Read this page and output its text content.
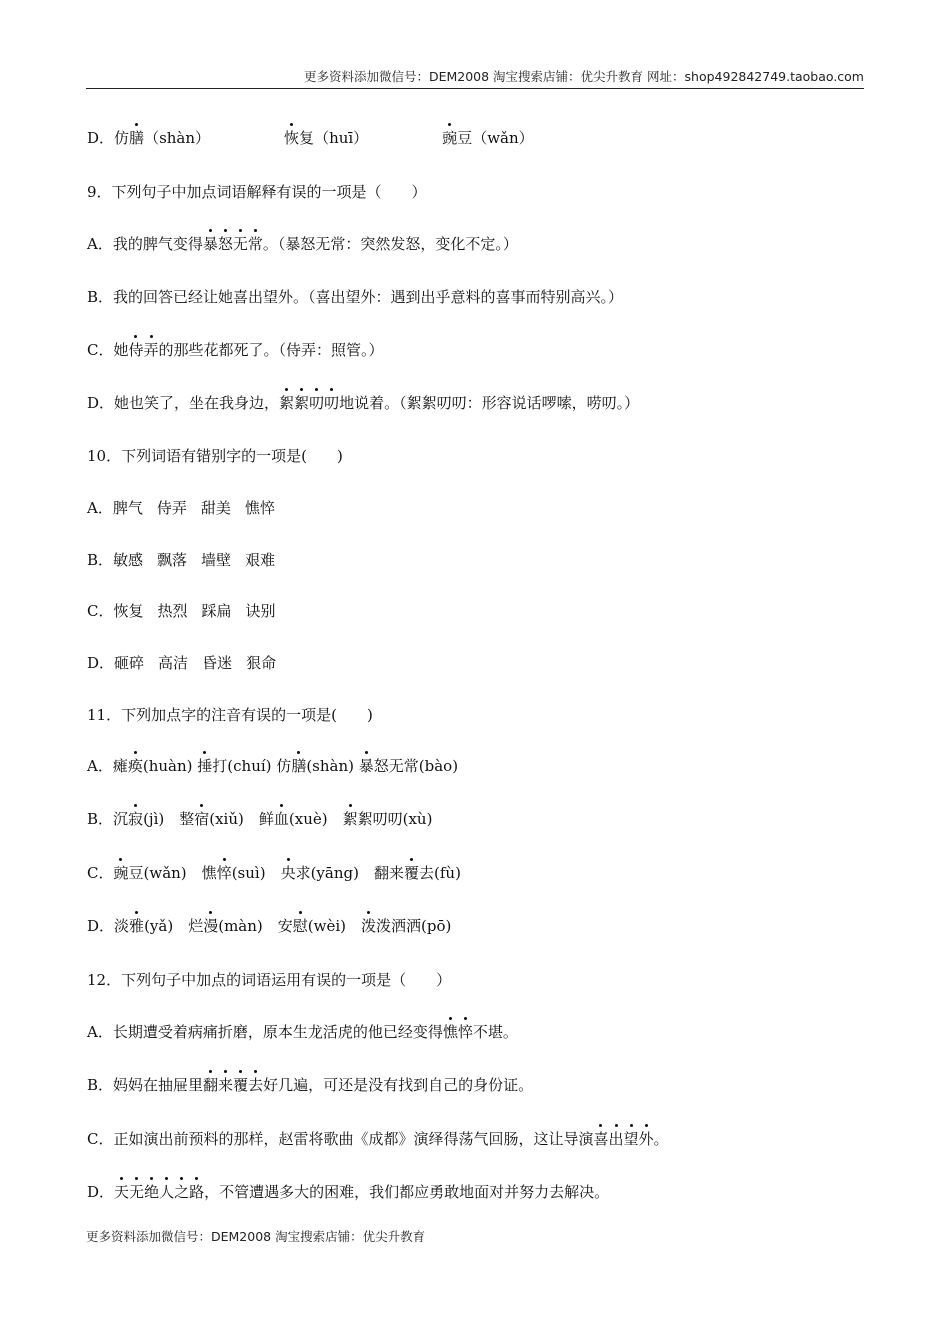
更多资料添加微信号：DEM2008 淘宝搜索店铺：优尖升教育 网址：shop492842749.taobao.com
D．仿膳（shàn）	恢复（huī）	豌豆（wǎn）
9．下列句子中加点词语解释有误的一项是（　　）
A．我的脾气变得暴怒无常。（暴怒无常：突然发怒，变化不定。）
B．我的回答已经让她喜出望外。（喜出望外：遇到出乎意料的喜事而特别高兴。）
C．她侍弄的那些花都死了。（侍弄：照管。）
D．她也笑了，坐在我身边，絮絮叨叨地说着。（絮絮叨叨：形容说话啰嗦，唠叨。）
10．下列词语有错别字的一项是(　　)
A．脾气 侍弄 甜美 憔悴
B．敏感 飘落 墙壁 艰难
C．恢复 热烈 踩扁 诀别
D．砸碎 高洁 昏迷 狠命
11．下列加点字的注音有误的一项是(　　)
A．瘫痪(huàn) 捶打(chuí) 仿膳(shàn) 暴怒无常(bào)
B．沉寂(jì)　整宿(xiǔ)　鲜血(xuè)　絮絮叨叨(xù)
C．豌豆(wǎn)　憔悴(suì)　央求(yāng)　翻来覆去(fù)
D．淡雅(yǎ)　烂漫(màn)　安慰(wèi)　泼泼洒洒(pō)
12．下列句子中加点的词语运用有误的一项是（　　）
A．长期遭受着病痛折磨，原本生龙活虎的他已经变得憔悴不堪。
B．妈妈在抽屉里翻来覆去好几遍，可还是没有找到自己的身份证。
C．正如演出前预料的那样，赵雷将歌曲《成都》演绎得荡气回肠，这让导演喜出望外。
D．天无绝人之路，不管遭遇多大的困难，我们都应勇敢地面对并努力去解决。
更多资料添加微信号：DEM2008 淘宝搜索店铺：优尖升教育
